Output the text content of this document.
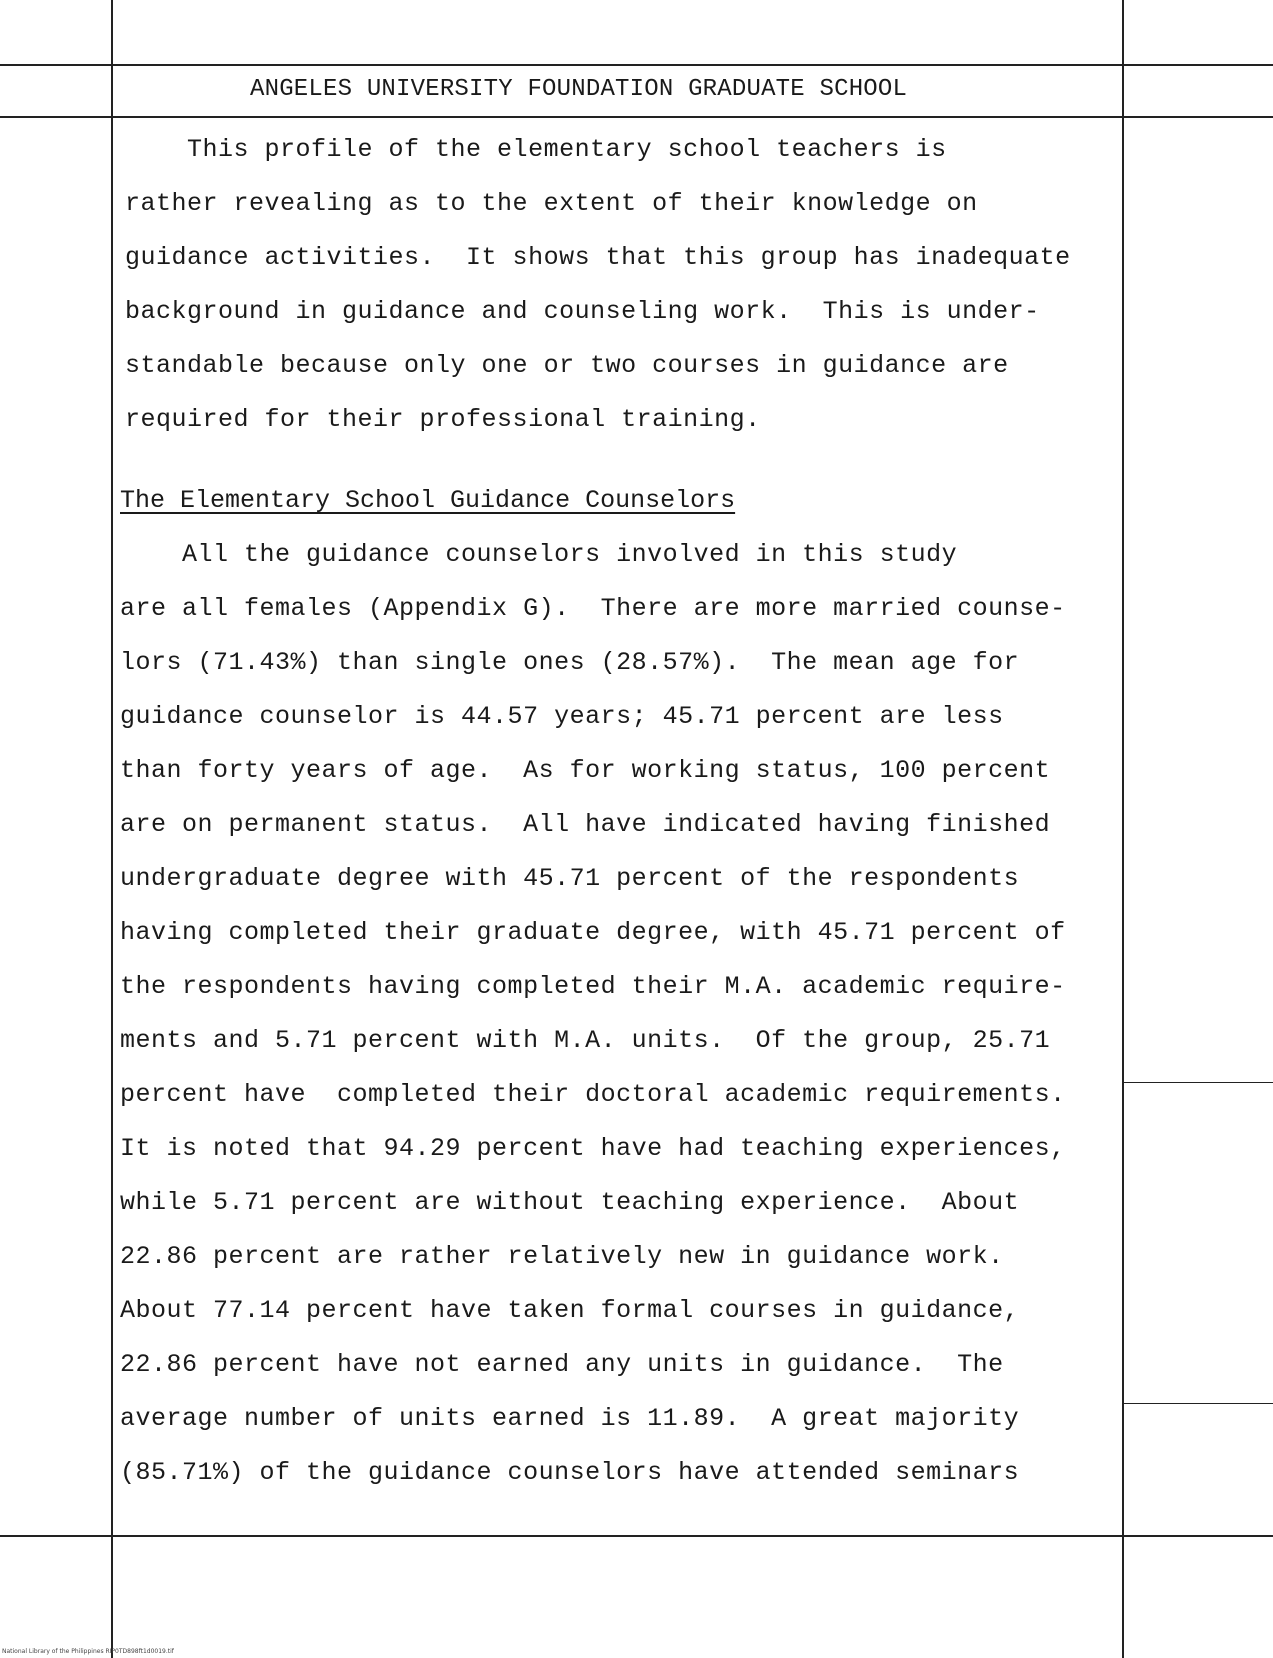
ANGELES UNIVERSITY FOUNDATION GRADUATE SCHOOL
This profile of the elementary school teachers is
rather revealing as to the extent of their knowledge on
guidance activities.  It shows that this group has inadequate
background in guidance and counseling work.  This is under-
standable because only one or two courses in guidance are
required for their professional training.
The Elementary School Guidance Counselors
All the guidance counselors involved in this study
are all females (Appendix G).  There are more married counse-
lors (71.43%) than single ones (28.57%).  The mean age for
guidance counselor is 44.57 years; 45.71 percent are less
than forty years of age.  As for working status, 100 percent
are on permanent status.  All have indicated having finished
undergraduate degree with 45.71 percent of the respondents
having completed their graduate degree, with 45.71 percent of
the respondents having completed their M.A. academic require-
ments and 5.71 percent with M.A. units.  Of the group, 25.71
percent have  completed their doctoral academic requirements.
It is noted that 94.29 percent have had teaching experiences,
while 5.71 percent are without teaching experience.  About
22.86 percent are rather relatively new in guidance work.
About 77.14 percent have taken formal courses in guidance,
22.86 percent have not earned any units in guidance.  The
average number of units earned is 11.89.  A great majority
(85.71%) of the guidance counselors have attended seminars
National Library of the Philippines RIP0TD898ft1d0019.tif
